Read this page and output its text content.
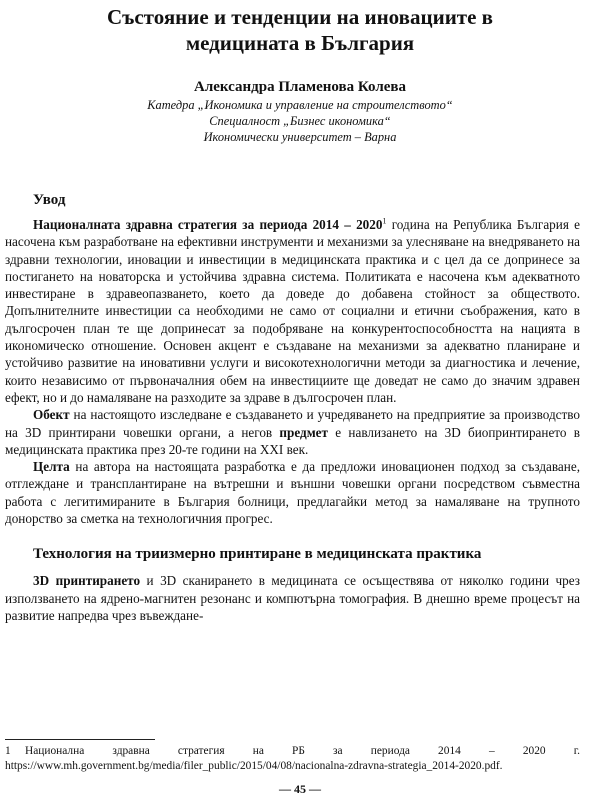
Състояние и тенденции на иновациите в
медицината в България
Александра Пламенова Колева
Катедра „Икономика и управление на строителството“
Специалност „Бизнес икономика“
Икономически университет – Варна
Увод

Националната здравна стратегия за периода 2014 – 2020$^1$ година на Република България е насочена към разработване на ефективни инструменти и механизми за улесняване на внедряването на здравни технологии, иновации и инвестиции в медицинската практика и с цел да се допринесе за постигането на новаторска и устойчива здравна система. Политиката е насочена към адекватното инвестиране в здравеопазването, което да доведе до добавена стойност за обществото. Допълнителните инвестиции са необходими не само от социални и етични съображения, като в дългосрочен план те ще допринесат за подобряване на конкурентоспособността на нацията в икономическо отношение. Основен акцент е създаване на механизми за адекватно планиране и устойчиво развитие на иновативни услуги и високотехнологични методи за диагностика и лечение, които независимо от първоначалния обем на инвестициите ще доведат не само до значим здравен ефект, но и до намаляване на разходите за здраве в дългосрочен план.

Обект на настоящото изследване е създаването и учредяването на предприятие за производство на 3D принтирани човешки органи, а негов предмет е навлизането на 3D биопринтирането в медицинската практика през 20-те години на XXI век.

Целта на автора на настоящата разработка е да предложи иновационен подход за създаване, отглеждане и трансплантиране на вътрешни и външни човешки органи посредством съвместна работа с легитимираните в България болници, предлагайки метод за намаляване на трупното донорство за сметка на технологичния прогрес.

Технология на триизмерно принтиране в медицинската практика

3D принтирането и 3D сканирането в медицината се осъществява от няколко години чрез използването на ядрено-магнитен резонанс и компютърна томография. В днешно време процесът на развитие напредва чрез въвеждане-

1 Национална здравна стратегия на РБ за периода 2014 – 2020 г. https://www.mh.government.bg/media/filer_public/2015/04/08/nacionalna-zdravna-strategia_2014-2020.pdf.
— 45 —
